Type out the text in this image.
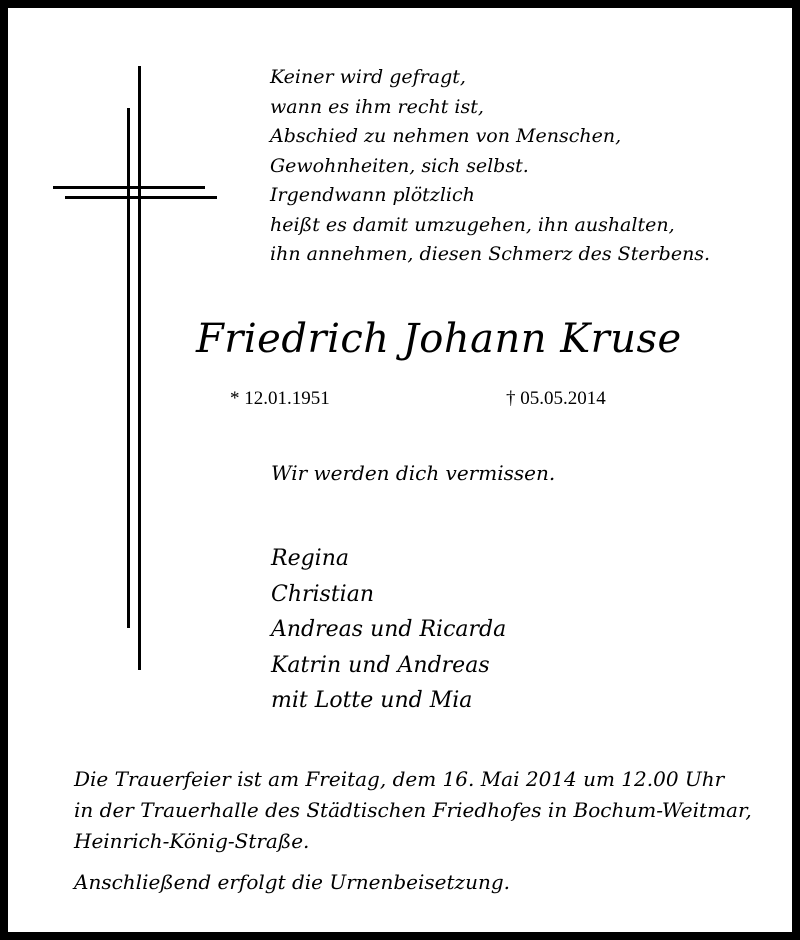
Keiner wird gefragt,
wann es ihm recht ist,
Abschied zu nehmen von Menschen,
Gewohnheiten, sich selbst.
Irgendwann plötzlich
heißt es damit umzugehen, ihn aushalten,
ihn annehmen, diesen Schmerz des Sterbens.
Friedrich Johann Kruse
* 12.01.1951	† 05.05.2014
Wir werden dich vermissen.
Regina
Christian
Andreas und Ricarda
Katrin und Andreas
mit Lotte und Mia
Die Trauerfeier ist am Freitag, dem 16. Mai 2014 um 12.00 Uhr
in der Trauerhalle des Städtischen Friedhofes in Bochum-Weitmar,
Heinrich-König-Straße.
Anschließend erfolgt die Urnenbeisetzung.
